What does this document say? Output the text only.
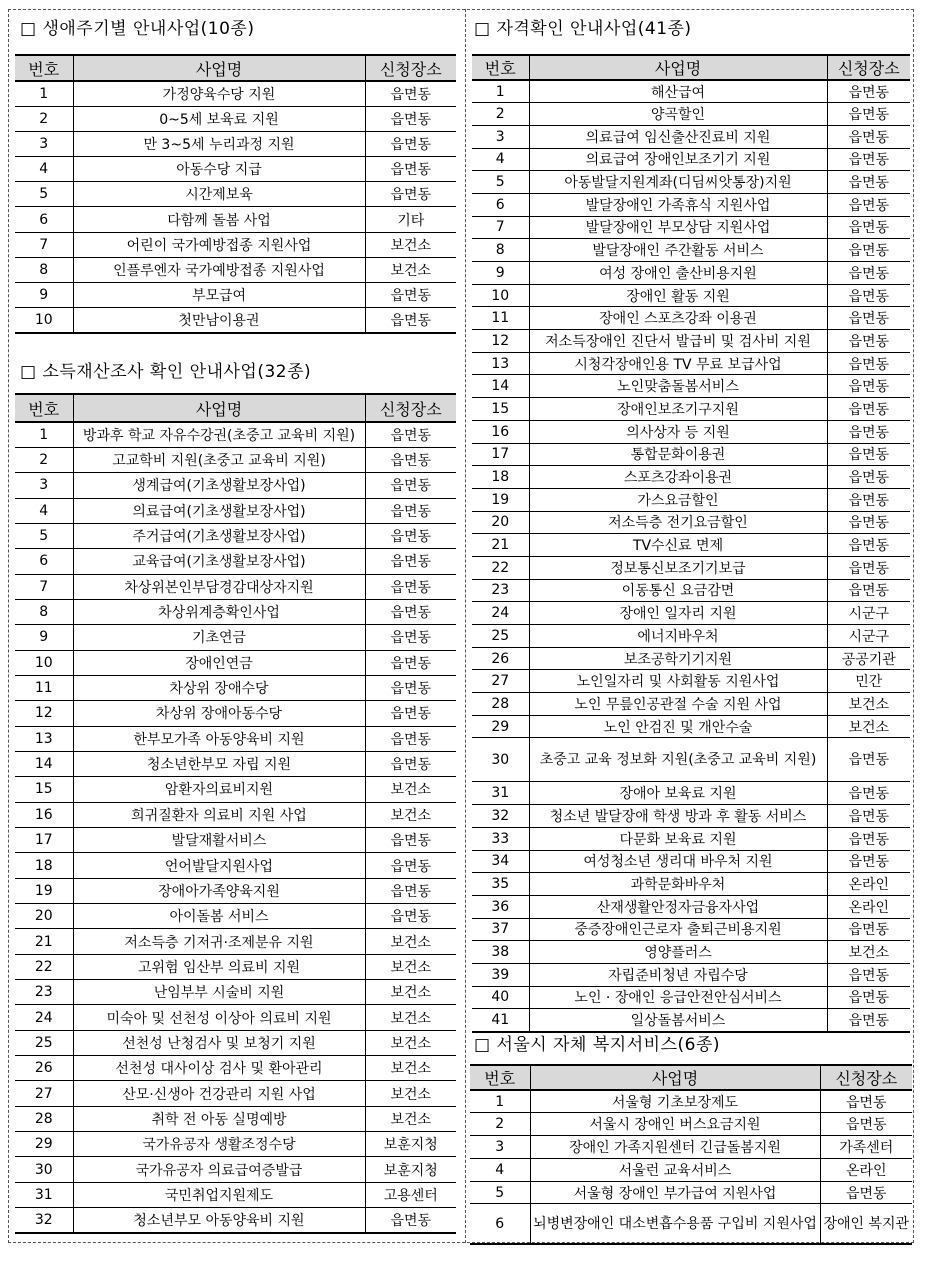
□ 생애주기별 안내사업(10종)
번호	사업명	신청장소
1	가정양육수당 지원	읍면동
2	0~5세 보육료 지원	읍면동
3	만 3~5세 누리과정 지원	읍면동
4	아동수당 지급	읍면동
5	시간제보육	읍면동
6	다함께 돌봄 사업	기타
7	어린이 국가예방접종 지원사업	보건소
8	인플루엔자 국가예방접종 지원사업	보건소
9	부모급여	읍면동
10	첫만남이용권	읍면동
□ 소득재산조사 확인 안내사업(32종)
번호	사업명	신청장소
1	방과후 학교 자유수강권(초중고 교육비 지원)	읍면동
2	고교학비 지원(초중고 교육비 지원)	읍면동
3	생계급여(기초생활보장사업)	읍면동
4	의료급여(기초생활보장사업)	읍면동
5	주거급여(기초생활보장사업)	읍면동
6	교육급여(기초생활보장사업)	읍면동
7	차상위본인부담경감대상자지원	읍면동
8	차상위계층확인사업	읍면동
9	기초연금	읍면동
10	장애인연금	읍면동
11	차상위 장애수당	읍면동
12	차상위 장애아동수당	읍면동
13	한부모가족 아동양육비 지원	읍면동
14	청소년한부모 자립 지원	읍면동
15	암환자의료비지원	보건소
16	희귀질환자 의료비 지원 사업	보건소
17	발달재활서비스	읍면동
18	언어발달지원사업	읍면동
19	장애아가족양육지원	읍면동
20	아이돌봄 서비스	읍면동
21	저소득층 기저귀·조제분유 지원	보건소
22	고위험 임산부 의료비 지원	보건소
23	난임부부 시술비 지원	보건소
24	미숙아 및 선천성 이상아 의료비 지원	보건소
25	선천성 난청검사 및 보청기 지원	보건소
26	선천성 대사이상 검사 및 환아관리	보건소
27	산모·신생아 건강관리 지원 사업	보건소
28	취학 전 아동 실명예방	보건소
29	국가유공자 생활조정수당	보훈지청
30	국가유공자 의료급여증발급	보훈지청
31	국민취업지원제도	고용센터
32	청소년부모 아동양육비 지원	읍면동
□ 자격확인 안내사업(41종)
번호	사업명	신청장소
1	해산급여	읍면동
2	양곡할인	읍면동
3	의료급여 임신출산진료비 지원	읍면동
4	의료급여 장애인보조기기 지원	읍면동
5	아동발달지원계좌(디딤씨앗통장)지원	읍면동
6	발달장애인 가족휴식 지원사업	읍면동
7	발달장애인 부모상담 지원사업	읍면동
8	발달장애인 주간활동 서비스	읍면동
9	여성 장애인 출산비용지원	읍면동
10	장애인 활동 지원	읍면동
11	장애인 스포츠강좌 이용권	읍면동
12	저소득장애인 진단서 발급비 및 검사비 지원	읍면동
13	시청각장애인용 TV 무료 보급사업	읍면동
14	노인맞춤돌봄서비스	읍면동
15	장애인보조기구지원	읍면동
16	의사상자 등 지원	읍면동
17	통합문화이용권	읍면동
18	스포츠강좌이용권	읍면동
19	가스요금할인	읍면동
20	저소득층 전기요금할인	읍면동
21	TV수신료 면제	읍면동
22	정보통신보조기기보급	읍면동
23	이동통신 요금감면	읍면동
24	장애인 일자리 지원	시군구
25	에너지바우처	시군구
26	보조공학기기지원	공공기관
27	노인일자리 및 사회활동 지원사업	민간
28	노인 무릎인공관절 수술 지원 사업	보건소
29	노인 안검진 및 개안수술	보건소
30	초중고 교육 정보화 지원(초중고 교육비 지원)	읍면동
31	장애아 보육료 지원	읍면동
32	청소년 발달장애 학생 방과 후 활동 서비스	읍면동
33	다문화 보육료 지원	읍면동
34	여성청소년 생리대 바우처 지원	읍면동
35	과학문화바우처	온라인
36	산재생활안정자금융자사업	온라인
37	중증장애인근로자 출퇴근비용지원	읍면동
38	영양플러스	보건소
39	자립준비청년 자립수당	읍면동
40	노인 · 장애인 응급안전안심서비스	읍면동
41	일상돌봄서비스	읍면동
□ 서울시 자체 복지서비스(6종)
번호	사업명	신청장소
1	서울형 기초보장제도	읍면동
2	서울시 장애인 버스요금지원	읍면동
3	장애인 가족지원센터 긴급돌봄지원	가족센터
4	서울런 교육서비스	온라인
5	서울형 장애인 부가급여 지원사업	읍면동
6	뇌병변장애인 대소변흡수용품 구입비 지원사업	장애인 복지관
